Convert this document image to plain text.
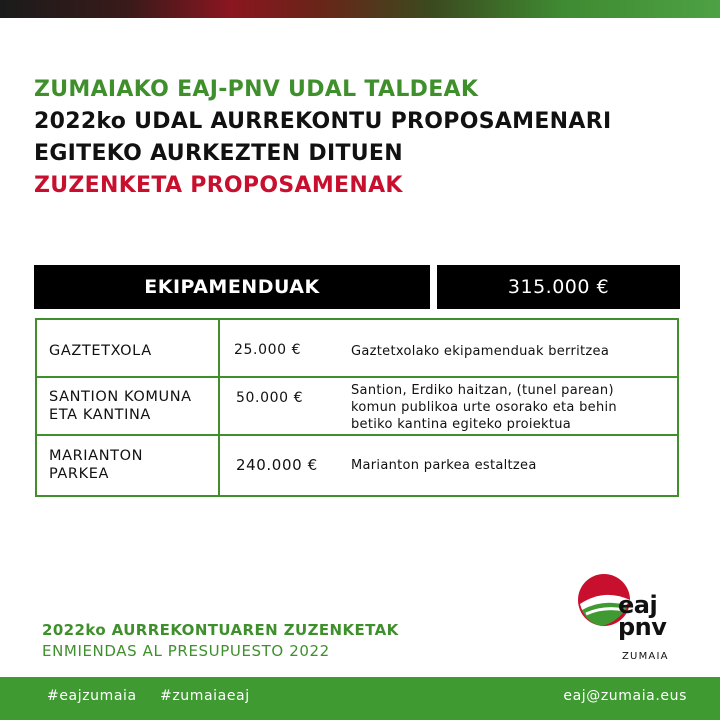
ZUMAIAKO EAJ-PNV UDAL TALDEAK
2022ko UDAL AURREKONTU PROPOSAMENARI
EGITEKO AURKEZTEN DITUEN
ZUZENKETA PROPOSAMENAK
EKIPAMENDUAK	315.000 €
GAZTETXOLA	25.000 €	Gaztetxolako ekipamenduak berritzea
SANTION KOMUNA
ETA KANTINA
50.000 €	Santion, Erdiko haitzan, (tunel parean)
komun publikoa urte osorako eta behin
betiko kantina egiteko proiektua
MARIANTON
PARKEA	240.000 €	Marianton parkea estaltzea
2022ko AURREKONTUAREN ZUZENKETAK
ENMIENDAS AL PRESUPUESTO 2022
eaj
pnv
ZUMAIA
#eajzumaia #zumaiaeaj	eaj@zumaia.eus
